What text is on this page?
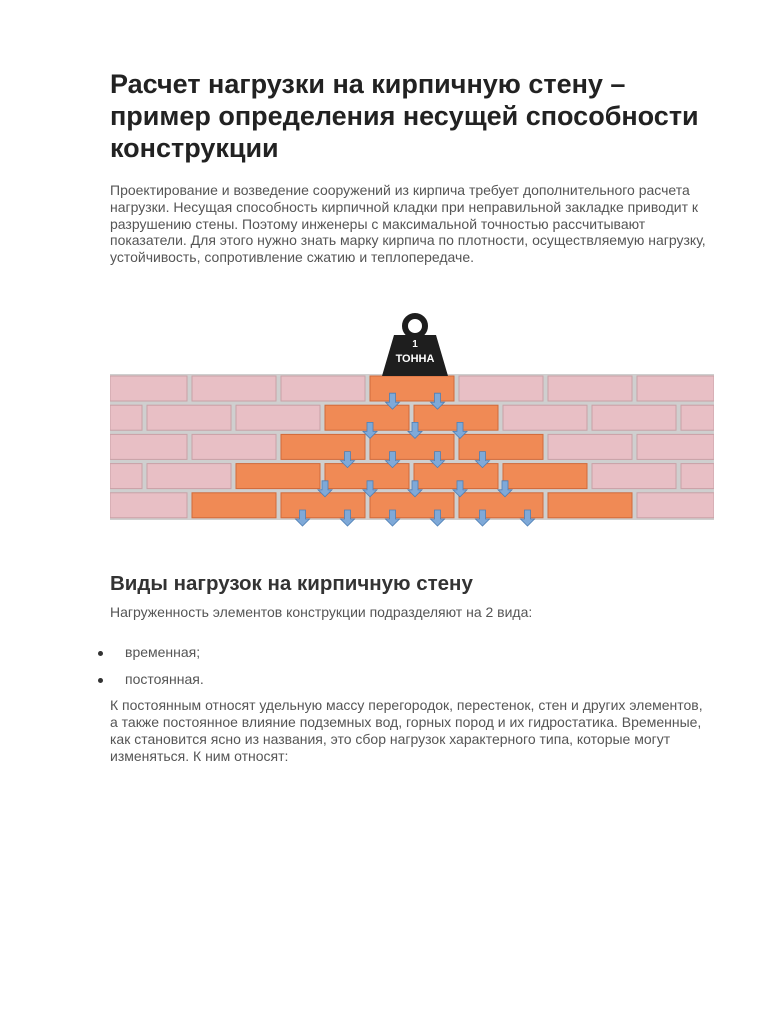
Расчет нагрузки на кирпичную стену – пример определения несущей способности конструкции

Проектирование и возведение сооружений из кирпича требует дополнительного расчета нагрузки. Несущая способность кирпичной кладки при неправильной закладке приводит к разрушению стены. Поэтому инженеры с максимальной точностью рассчитывают показатели. Для этого нужно знать марку кирпича по плотности, осуществляемую нагрузку, устойчивость, сопротивление сжатию и теплопередаче.

1
ТОННА
Виды нагрузок на кирпичную стену

Нагруженность элементов конструкции подразделяют на 2 вида:

временная;
постоянная.

К постоянным относят удельную массу перегородок, перестенок, стен и других элементов, а также постоянное влияние подземных вод, горных пород и их гидростатика. Временные, как становится ясно из названия, это сбор нагрузок характерного типа, которые могут изменяться. К ним относят:
